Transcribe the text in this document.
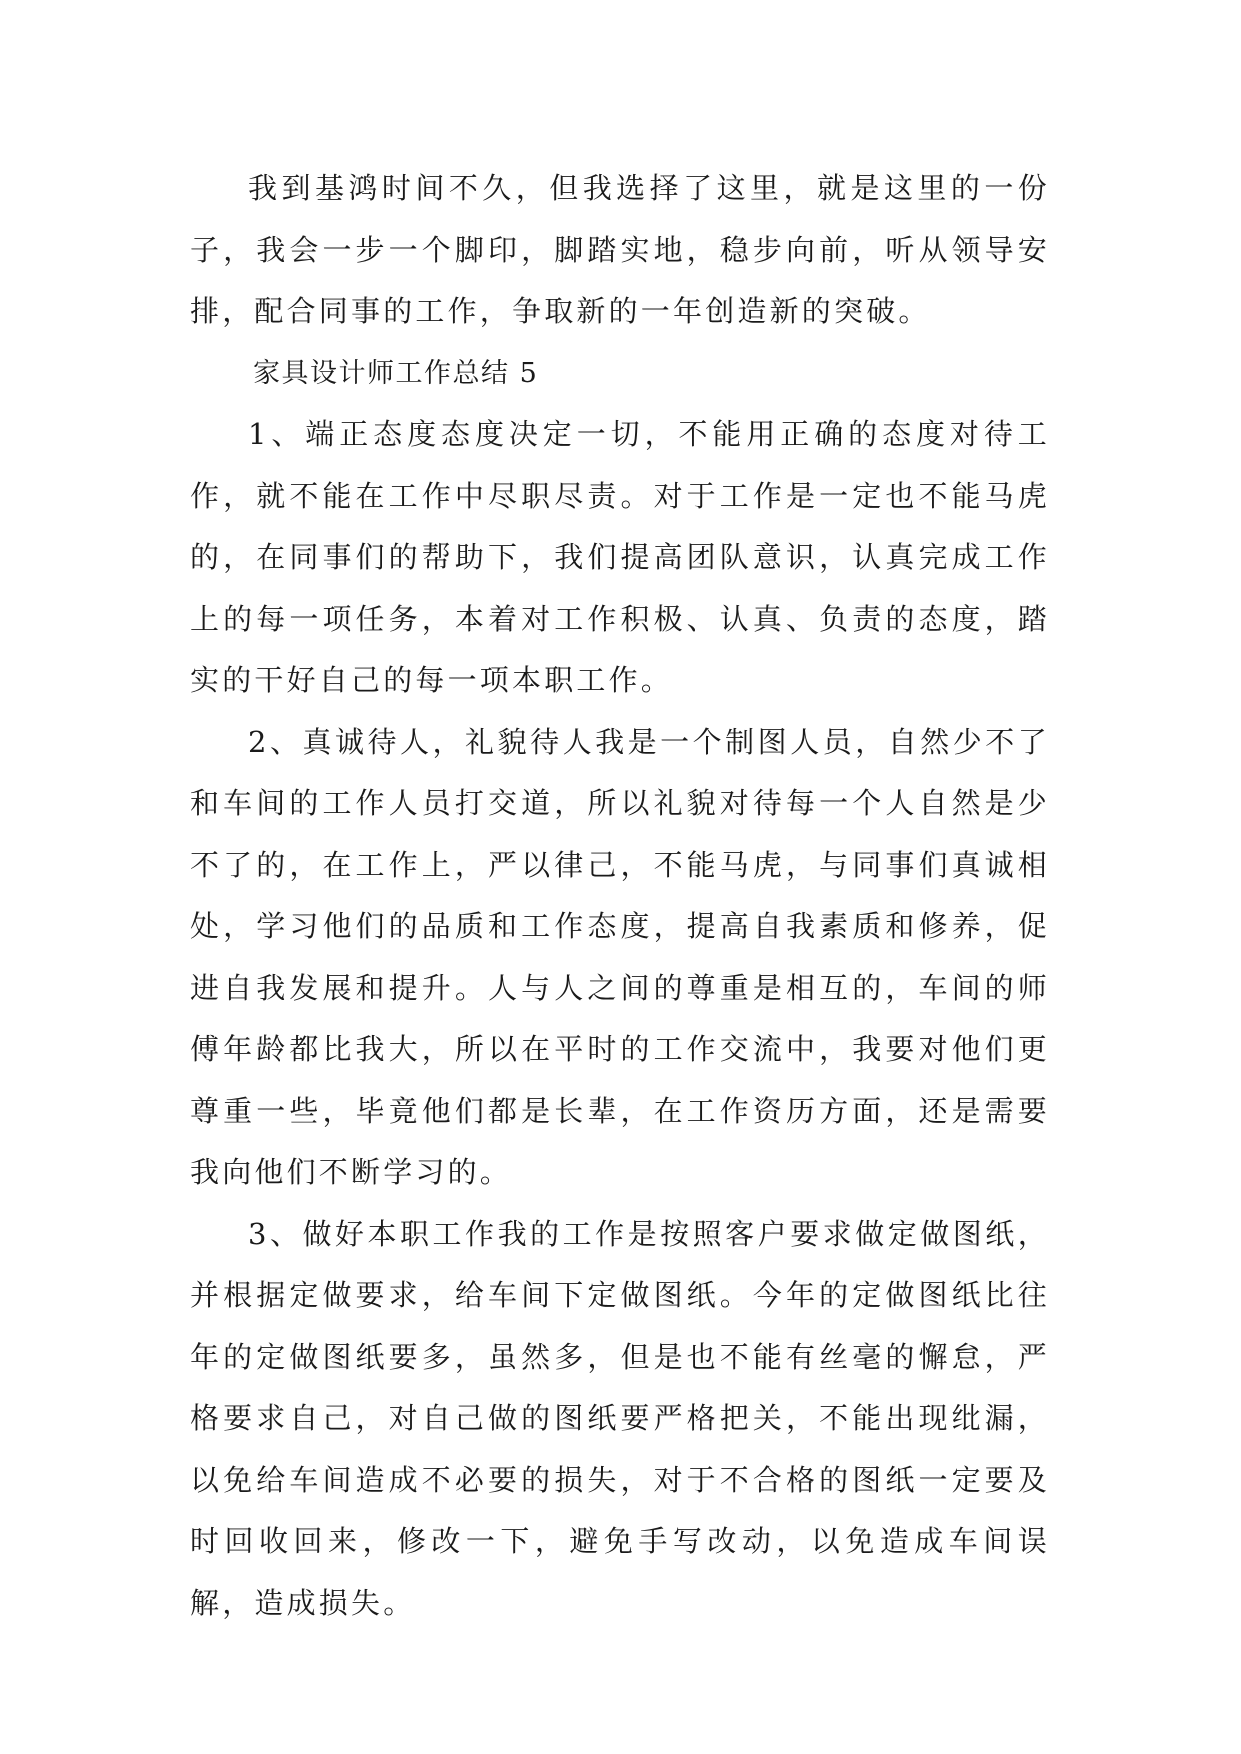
我到基鸿时间不久，但我选择了这里，就是这里的一份子，我会一步一个脚印，脚踏实地，稳步向前，听从领导安排，配合同事的工作，争取新的一年创造新的突破。

家具设计师工作总结 5

1、端正态度态度决定一切，不能用正确的态度对待工作，就不能在工作中尽职尽责。对于工作是一定也不能马虎的，在同事们的帮助下，我们提高团队意识，认真完成工作上的每一项任务，本着对工作积极、认真、负责的态度，踏实的干好自己的每一项本职工作。

2、真诚待人，礼貌待人我是一个制图人员，自然少不了和车间的工作人员打交道，所以礼貌对待每一个人自然是少不了的，在工作上，严以律己，不能马虎，与同事们真诚相处，学习他们的品质和工作态度，提高自我素质和修养，促进自我发展和提升。人与人之间的尊重是相互的，车间的师傅年龄都比我大，所以在平时的工作交流中，我要对他们更尊重一些，毕竟他们都是长辈，在工作资历方面，还是需要我向他们不断学习的。

3、做好本职工作我的工作是按照客户要求做定做图纸，并根据定做要求，给车间下定做图纸。今年的定做图纸比往年的定做图纸要多，虽然多，但是也不能有丝毫的懈怠，严格要求自己，对自己做的图纸要严格把关，不能出现纰漏，以免给车间造成不必要的损失，对于不合格的图纸一定要及时回收回来，修改一下，避免手写改动，以免造成车间误解，造成损失。
